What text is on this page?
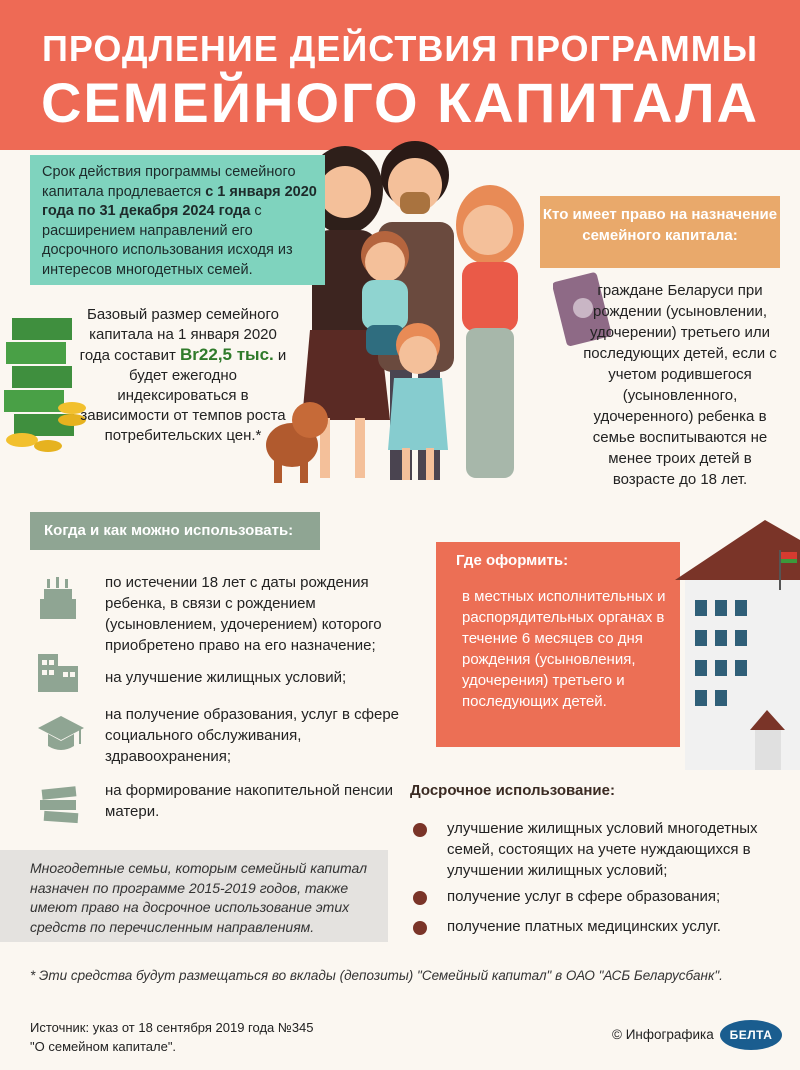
ПРОДЛЕНИЕ ДЕЙСТВИЯ ПРОГРАММЫ
СЕМЕЙНОГО КАПИТАЛА

Срок действия программы семейного капитала продлевается с 1 января 2020 года по 31 декабря 2024 года с расширением направлений его досрочного использования исходя из интересов многодетных семей.

Базовый размер семейного капитала на 1 января 2020 года составит Br22,5 тыс. и будет ежегодно индексироваться в зависимости от темпов роста потребительских цен.*
Кто имеет право на назначение семейного капитала:
граждане Беларуси при рождении (усыновлении, удочерении) третьего или последующих детей, если с учетом родившегося (усыновленного, удочеренного) ребенка в семье воспитываются не менее троих детей в возрасте до 18 лет.
Когда и как можно использовать:
по истечении 18 лет с даты рождения ребенка, в связи с рождением (усыновлением, удочерением) которого приобретено право на его назначение;
на улучшение жилищных условий;
на получение образования, услуг в сфере социального обслуживания, здравоохранения;
на формирование накопительной пенсии матери.
Где оформить:
в местных исполнительных и распорядительных органах в течение 6 месяцев со дня рождения (усыновления, удочерения) третьего и последующих детей.
Досрочное использование:
улучшение жилищных условий многодетных семей, состоящих на учете нуждающихся в улучшении жилищных условий;
получение услуг в сфере образования;
получение платных медицинских услуг.

Многодетные семьи, которым семейный капитал назначен по программе 2015-2019 годов, также имеют право на досрочное использование этих средств по перечисленным направлениям.

* Эти средства будут размещаться во вклады (депозиты) "Семейный капитал" в ОАО "АСБ Беларусбанк".
Источник: указ от 18 сентября 2019 года №345 "О семейном капитале".
© Инфографика	БЕЛТА
